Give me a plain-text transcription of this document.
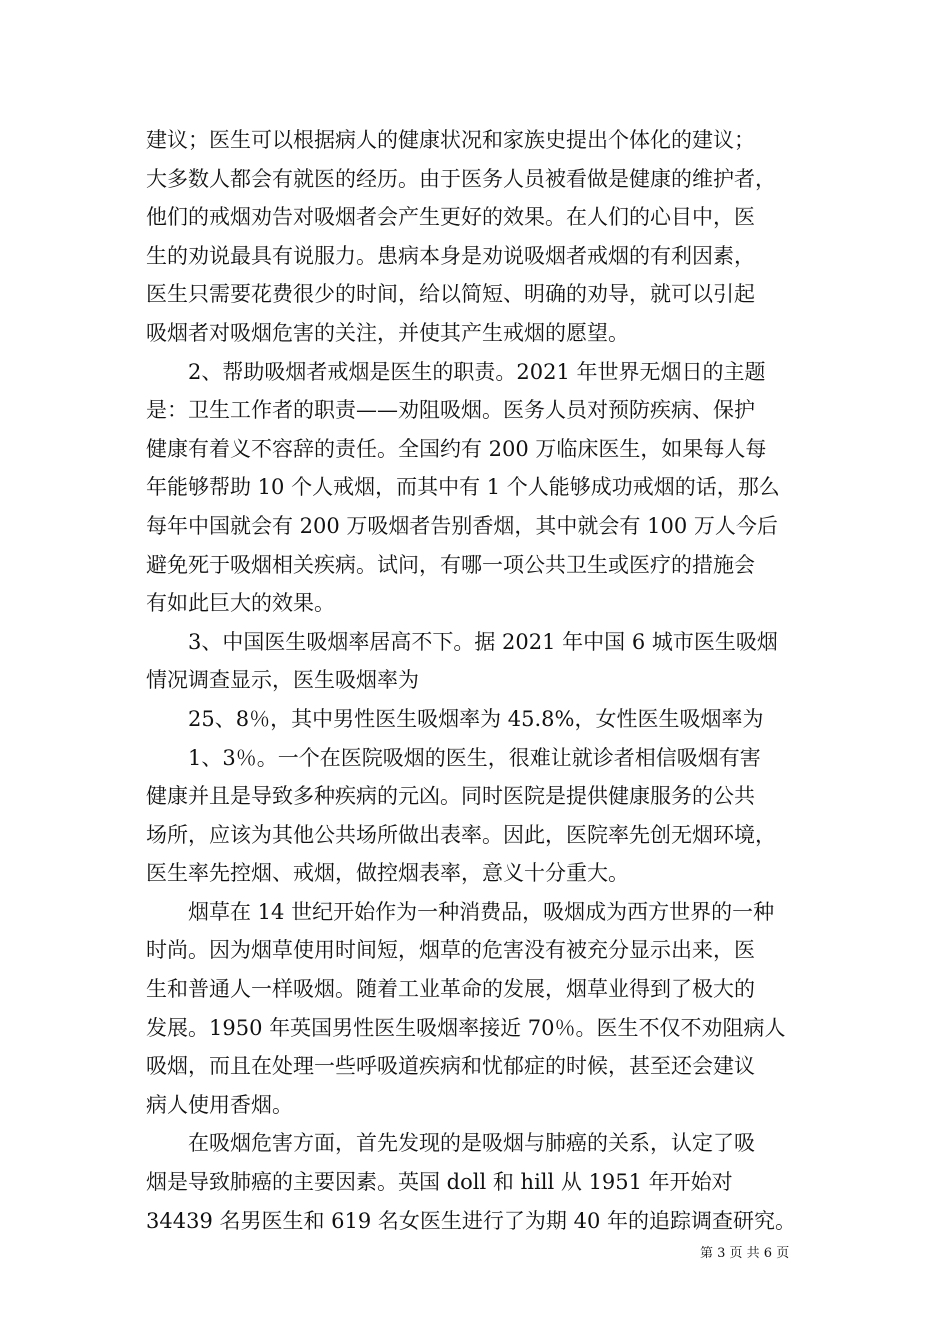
建议；医生可以根据病人的健康状况和家族史提出个体化的建议；
大多数人都会有就医的经历。由于医务人员被看做是健康的维护者，
他们的戒烟劝告对吸烟者会产生更好的效果。在人们的心目中，医
生的劝说最具有说服力。患病本身是劝说吸烟者戒烟的有利因素，
医生只需要花费很少的时间，给以简短、明确的劝导，就可以引起
吸烟者对吸烟危害的关注，并使其产生戒烟的愿望。
2、帮助吸烟者戒烟是医生的职责。2021 年世界无烟日的主题
是：卫生工作者的职责——劝阻吸烟。医务人员对预防疾病、保护
健康有着义不容辞的责任。全国约有 200 万临床医生，如果每人每
年能够帮助 10 个人戒烟，而其中有 1 个人能够成功戒烟的话，那么
每年中国就会有 200 万吸烟者告别香烟，其中就会有 100 万人今后
避免死于吸烟相关疾病。试问，有哪一项公共卫生或医疗的措施会
有如此巨大的效果。
3、中国医生吸烟率居高不下。据 2021 年中国 6 城市医生吸烟
情况调查显示，医生吸烟率为
25、8％，其中男性医生吸烟率为 45.8%，女性医生吸烟率为
1、3％。一个在医院吸烟的医生，很难让就诊者相信吸烟有害
健康并且是导致多种疾病的元凶。同时医院是提供健康服务的公共
场所，应该为其他公共场所做出表率。因此，医院率先创无烟环境，
医生率先控烟、戒烟，做控烟表率，意义十分重大。
烟草在 14 世纪开始作为一种消费品，吸烟成为西方世界的一种
时尚。因为烟草使用时间短，烟草的危害没有被充分显示出来，医
生和普通人一样吸烟。随着工业革命的发展，烟草业得到了极大的
发展。1950 年英国男性医生吸烟率接近 70％。医生不仅不劝阻病人
吸烟，而且在处理一些呼吸道疾病和忧郁症的时候，甚至还会建议
病人使用香烟。
在吸烟危害方面，首先发现的是吸烟与肺癌的关系，认定了吸
烟是导致肺癌的主要因素。英国 doll 和 hill 从 1951 年开始对
34439 名男医生和 619 名女医生进行了为期 40 年的追踪调查研究。
第 3 页 共 6 页
